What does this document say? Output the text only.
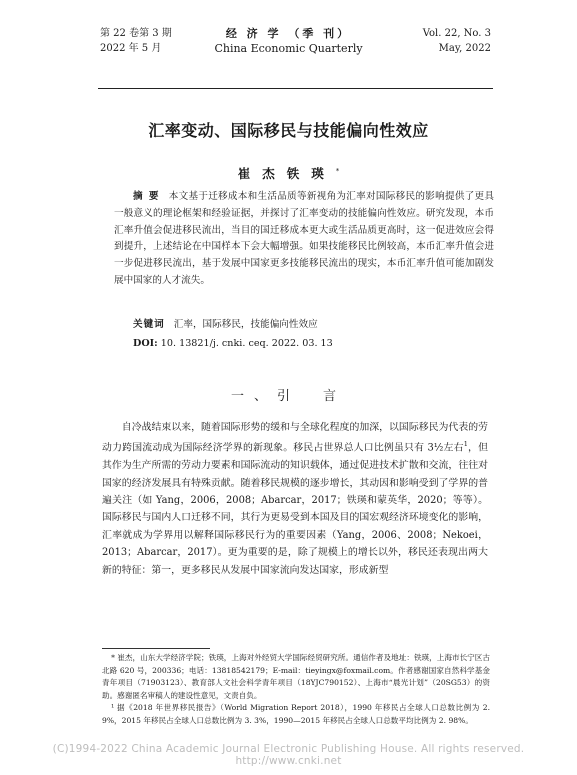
第 22 卷第 3 期
2022 年 5 月
经 济 学 （季 刊）
China Economic Quarterly
Vol. 22, No. 3
May, 2022
汇率变动、国际移民与技能偏向性效应
崔杰铁瑛*
摘要 本文基于迁移成本和生活品质等新视角为汇率对国际移民的影响提供了更具一般意义的理论框架和经验证据，并探讨了汇率变动的技能偏向性效应。研究发现，本币汇率升值会促进移民流出，当目的国迁移成本更大或生活品质更高时，这一促进效应会得到提升，上述结论在中国样本下会大幅增强。如果技能移民比例较高，本币汇率升值会进一步促进移民流出，基于发展中国家更多技能移民流出的现实，本币汇率升值可能加剧发展中国家的人才流失。
关键词 汇率，国际移民，技能偏向性效应
DOI: 10. 13821/j. cnki. ceq. 2022. 03. 13
一、引　言

自冷战结束以来，随着国际形势的缓和与全球化程度的加深，以国际移民为代表的劳动力跨国流动成为国际经济学界的新现象。移民占世界总人口比例虽只有 3½左右$^1$，但其作为生产所需的劳动力要素和国际流动的知识载体，通过促进技术扩散和交流，往往对国家的经济发展具有特殊贡献。随着移民规模的逐步增长，其动因和影响受到了学界的普遍关注（如 Yang，2006，2008；Abarcar，2017；铁瑛和蒙英华，2020；等等）。国际移民与国内人口迁移不同，其行为更易受到本国及目的国宏观经济环境变化的影响，汇率就成为学界用以解释国际移民行为的重要因素（Yang，2006、2008；Nekoei，2013；Abarcar，2017）。更为重要的是，除了规模上的增长以外，移民还表现出两大新的特征：第一，更多移民从发展中国家流向发达国家，形成新型

* 崔杰，山东大学经济学院；铁瑛，上海对外经贸大学国际经贸研究所。通信作者及地址：铁瑛，上海市长宁区古北路 620 号，200336；电话：13818542179；E-mail：tieyingx@foxmail.com。作者感谢国家自然科学基金青年项目（71903123）、教育部人文社会科学青年项目（18YJC790152）、上海市“晨光计划”（20SG53）的资助。感谢匿名审稿人的建设性意见，文责自负。

¹ 据《2018 年世界移民报告》（World Migration Report 2018），1990 年移民占全球人口总数比例为 2. 9%，2015 年移民占全球人口总数比例为 3. 3%，1990—2015 年移民占全球人口总数平均比例为 2. 98%。

(C)1994-2022 China Academic Journal Electronic Publishing House. All rights reserved. http://www.cnki.net
